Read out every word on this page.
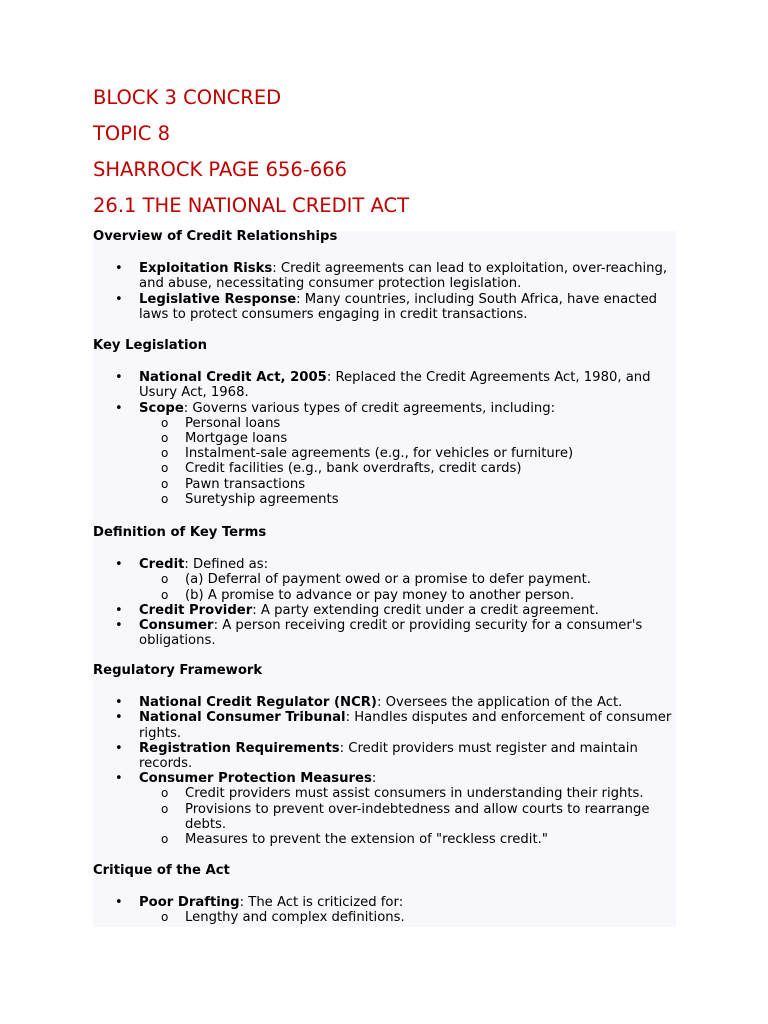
BLOCK 3 CONCRED
TOPIC 8
SHARROCK PAGE 656-666
26.1 THE NATIONAL CREDIT ACT

Overview of Credit Relationships

• Exploitation Risks: Credit agreements can lead to exploitation, over-reaching, and abuse, necessitating consumer protection legislation.
• Legislative Response: Many countries, including South Africa, have enacted laws to protect consumers engaging in credit transactions.

Key Legislation

• National Credit Act, 2005: Replaced the Credit Agreements Act, 1980, and Usury Act, 1968.
• Scope: Governs various types of credit agreements, including:
o Personal loans
o Mortgage loans
o Instalment-sale agreements (e.g., for vehicles or furniture)
o Credit facilities (e.g., bank overdrafts, credit cards)
o Pawn transactions
o Suretyship agreements

Definition of Key Terms

• Credit: Defined as:
o (a) Deferral of payment owed or a promise to defer payment.
o (b) A promise to advance or pay money to another person.
• Credit Provider: A party extending credit under a credit agreement.
• Consumer: A person receiving credit or providing security for a consumer's obligations.

Regulatory Framework

• National Credit Regulator (NCR): Oversees the application of the Act.
• National Consumer Tribunal: Handles disputes and enforcement of consumer rights.
• Registration Requirements: Credit providers must register and maintain records.
• Consumer Protection Measures:
o Credit providers must assist consumers in understanding their rights.
o Provisions to prevent over-indebtedness and allow courts to rearrange debts.
o Measures to prevent the extension of "reckless credit."

Critique of the Act

• Poor Drafting: The Act is criticized for:
o Lengthy and complex definitions.
